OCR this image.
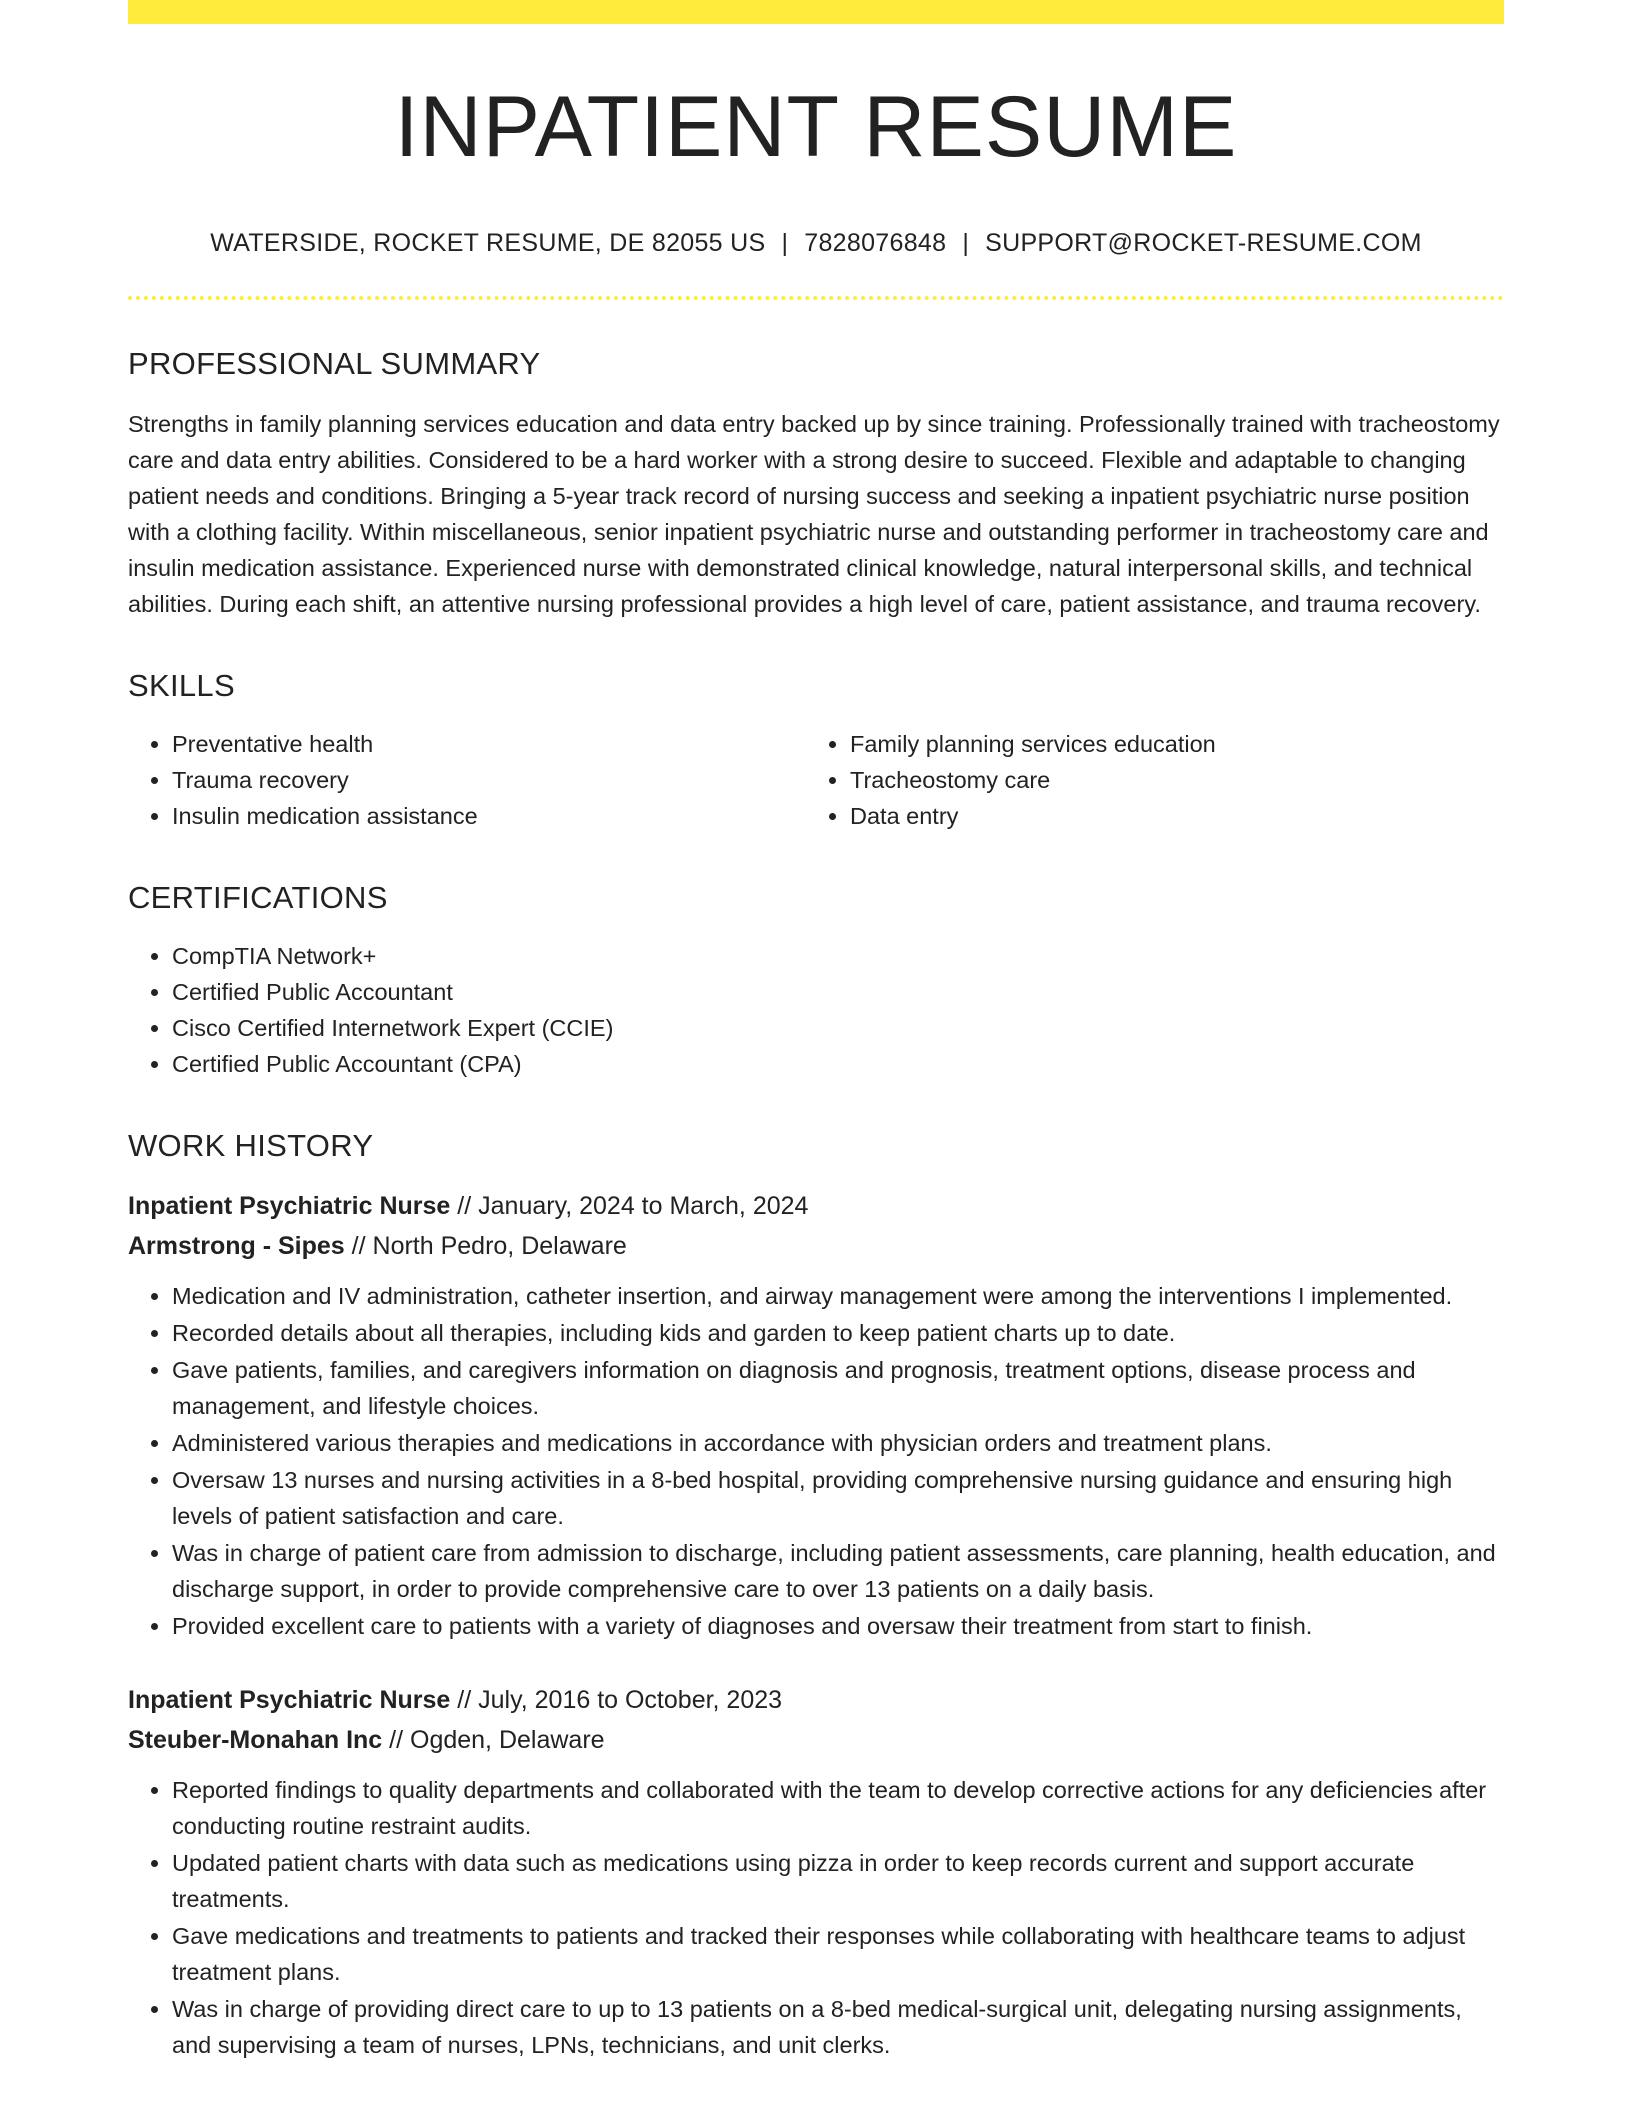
INPATIENT RESUME
WATERSIDE, ROCKET RESUME, DE 82055 US | 7828076848 | SUPPORT@ROCKET-RESUME.COM
PROFESSIONAL SUMMARY

Strengths in family planning services education and data entry backed up by since training. Professionally trained with tracheostomy care and data entry abilities. Considered to be a hard worker with a strong desire to succeed. Flexible and adaptable to changing patient needs and conditions. Bringing a 5-year track record of nursing success and seeking a inpatient psychiatric nurse position with a clothing facility. Within miscellaneous, senior inpatient psychiatric nurse and outstanding performer in tracheostomy care and insulin medication assistance. Experienced nurse with demonstrated clinical knowledge, natural interpersonal skills, and technical abilities. During each shift, an attentive nursing professional provides a high level of care, patient assistance, and trauma recovery.

SKILLS
• Preventative health
• Trauma recovery
• Insulin medication assistance
• Family planning services education
• Tracheostomy care
• Data entry
CERTIFICATIONS
• CompTIA Network+
• Certified Public Accountant
• Cisco Certified Internetwork Expert (CCIE)
• Certified Public Accountant (CPA)
WORK HISTORY
Inpatient Psychiatric Nurse // January, 2024 to March, 2024
Armstrong - Sipes // North Pedro, Delaware
• Medication and IV administration, catheter insertion, and airway management were among the interventions I implemented.
• Recorded details about all therapies, including kids and garden to keep patient charts up to date.
• Gave patients, families, and caregivers information on diagnosis and prognosis, treatment options, disease process and management, and lifestyle choices.
• Administered various therapies and medications in accordance with physician orders and treatment plans.
• Oversaw 13 nurses and nursing activities in a 8-bed hospital, providing comprehensive nursing guidance and ensuring high levels of patient satisfaction and care.
• Was in charge of patient care from admission to discharge, including patient assessments, care planning, health education, and discharge support, in order to provide comprehensive care to over 13 patients on a daily basis.
• Provided excellent care to patients with a variety of diagnoses and oversaw their treatment from start to finish.
Inpatient Psychiatric Nurse // July, 2016 to October, 2023
Steuber-Monahan Inc // Ogden, Delaware
• Reported findings to quality departments and collaborated with the team to develop corrective actions for any deficiencies after conducting routine restraint audits.
• Updated patient charts with data such as medications using pizza in order to keep records current and support accurate treatments.
• Gave medications and treatments to patients and tracked their responses while collaborating with healthcare teams to adjust treatment plans.
• Was in charge of providing direct care to up to 13 patients on a 8-bed medical-surgical unit, delegating nursing assignments, and supervising a team of nurses, LPNs, technicians, and unit clerks.
